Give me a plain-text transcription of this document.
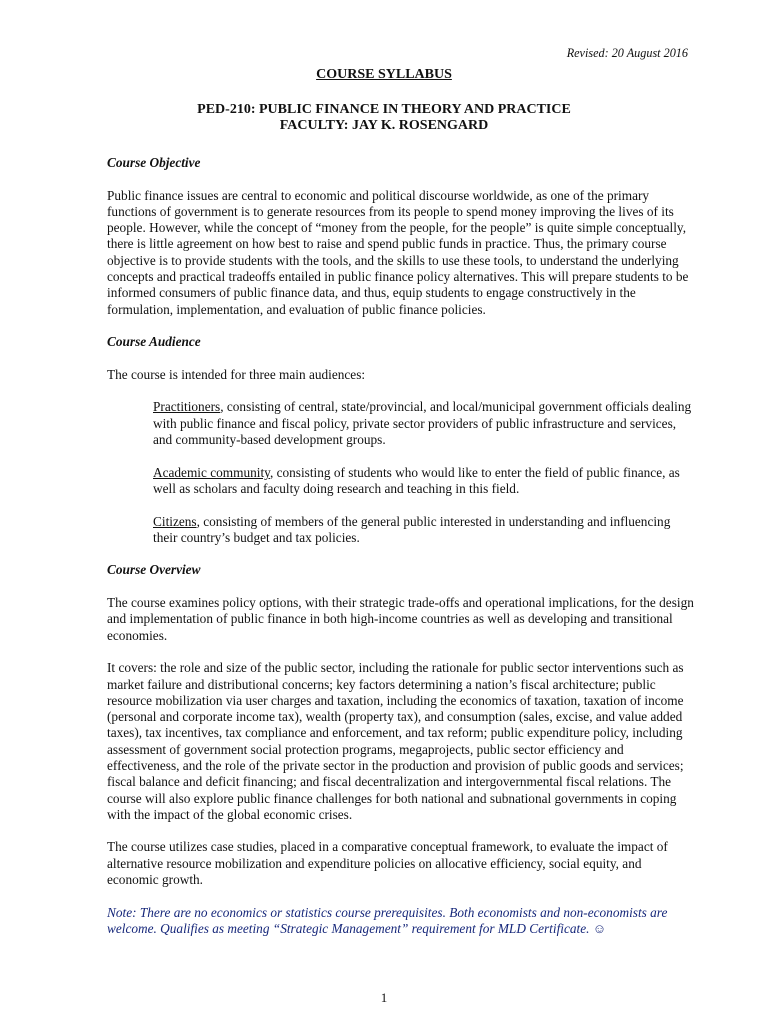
Revised: 20 August 2016
COURSE SYLLABUS
PED-210: PUBLIC FINANCE IN THEORY AND PRACTICE
FACULTY: JAY K. ROSENGARD

Course Objective

Public finance issues are central to economic and political discourse worldwide, as one of the primary functions of government is to generate resources from its people to spend money improving the lives of its people. However, while the concept of “money from the people, for the people” is quite simple conceptually, there is little agreement on how best to raise and spend public funds in practice. Thus, the primary course objective is to provide students with the tools, and the skills to use these tools, to understand the underlying concepts and practical tradeoffs entailed in public finance policy alternatives. This will prepare students to be informed consumers of public finance data, and thus, equip students to engage constructively in the formulation, implementation, and evaluation of public finance policies.

Course Audience

The course is intended for three main audiences:

Practitioners, consisting of central, state/provincial, and local/municipal government officials dealing with public finance and fiscal policy, private sector providers of public infrastructure and services, and community-based development groups.

Academic community, consisting of students who would like to enter the field of public finance, as well as scholars and faculty doing research and teaching in this field.

Citizens, consisting of members of the general public interested in understanding and influencing their country’s budget and tax policies.

Course Overview

The course examines policy options, with their strategic trade-offs and operational implications, for the design and implementation of public finance in both high-income countries as well as developing and transitional economies.

It covers: the role and size of the public sector, including the rationale for public sector interventions such as market failure and distributional concerns; key factors determining a nation’s fiscal architecture; public resource mobilization via user charges and taxation, including the economics of taxation, taxation of income (personal and corporate income tax), wealth (property tax), and consumption (sales, excise, and value added taxes), tax incentives, tax compliance and enforcement, and tax reform; public expenditure policy, including assessment of government social protection programs, megaprojects, public sector efficiency and effectiveness, and the role of the private sector in the production and provision of public goods and services; fiscal balance and deficit financing; and fiscal decentralization and intergovernmental fiscal relations. The course will also explore public finance challenges for both national and subnational governments in coping with the impact of the global economic crises.

The course utilizes case studies, placed in a comparative conceptual framework, to evaluate the impact of alternative resource mobilization and expenditure policies on allocative efficiency, social equity, and economic growth.

Note: There are no economics or statistics course prerequisites. Both economists and non-economists are welcome. Qualifies as meeting “Strategic Management” requirement for MLD Certificate. ☺

1
